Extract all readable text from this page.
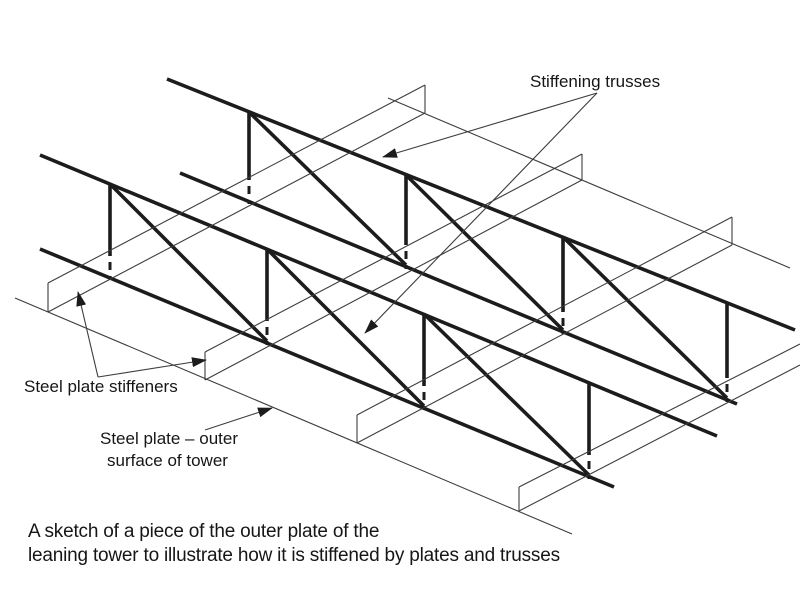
Stiffening trusses
Steel plate stiffeners
Steel plate – outer
surface of tower
A sketch of a piece of the outer plate of the
leaning tower to illustrate how it is stiffened by plates and trusses
